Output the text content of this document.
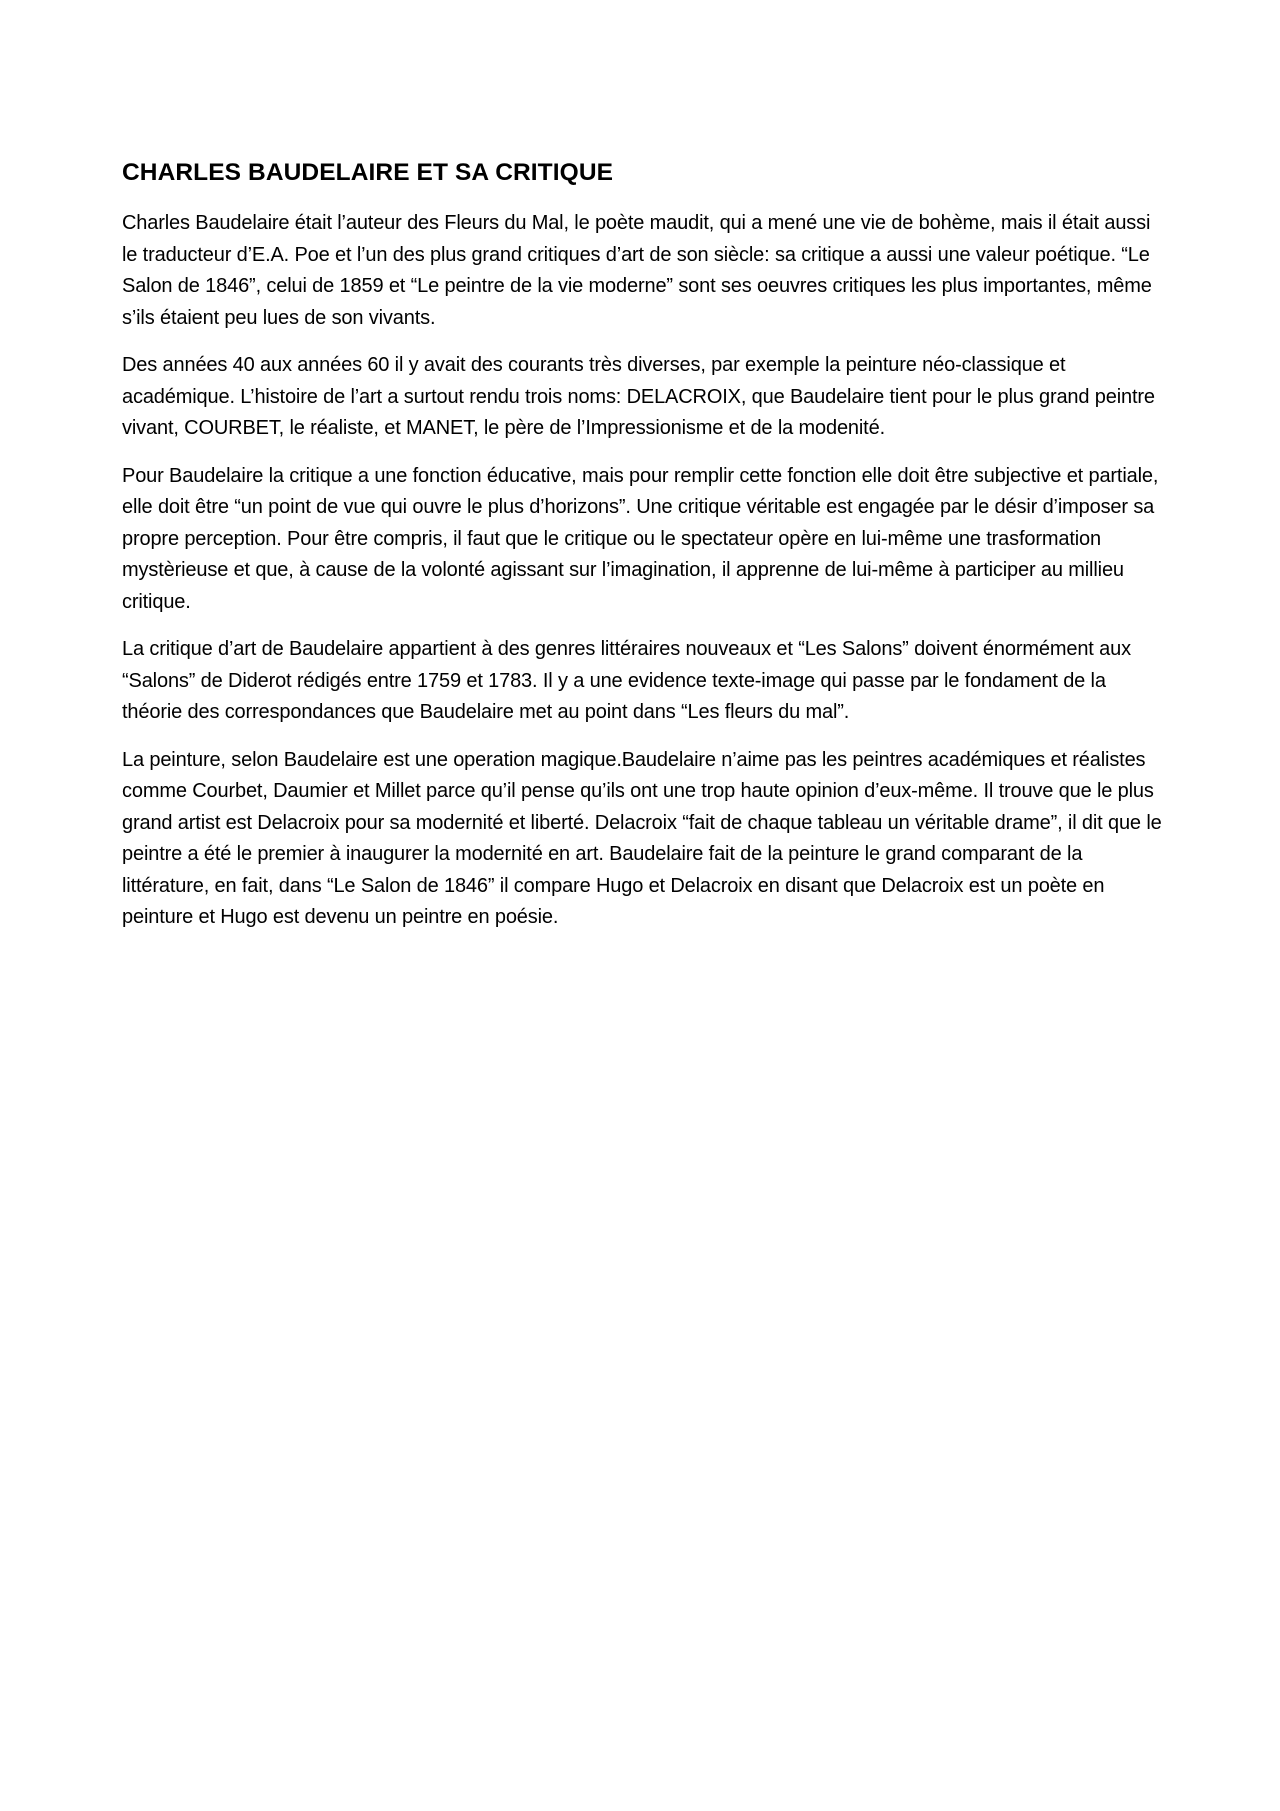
CHARLES BAUDELAIRE ET SA CRITIQUE

Charles Baudelaire était l’auteur des Fleurs du Mal, le poète maudit, qui a mené une vie de bohème, mais il était aussi le traducteur d’E.A. Poe et l’un des plus grand critiques d’art de son siècle: sa critique a aussi une valeur poétique. “Le Salon de 1846”, celui de 1859 et “Le peintre de la vie moderne” sont ses oeuvres critiques les plus importantes, même s’ils étaient peu lues de son vivants.

Des années 40 aux années 60 il y avait des courants très diverses, par exemple la peinture néo-classique et académique. L’histoire de l’art a surtout rendu trois noms: DELACROIX, que Baudelaire tient pour le plus grand peintre vivant, COURBET, le réaliste, et MANET, le père de l’Impressionisme et de la modenité.

Pour Baudelaire la critique a une fonction éducative, mais pour remplir cette fonction elle doit être subjective et partiale, elle doit être “un point de vue qui ouvre le plus d’horizons”. Une critique véritable est engagée par le désir d’imposer sa propre perception. Pour être compris, il faut que le critique ou le spectateur opère en lui-même une trasformation mystèrieuse et que, à cause de la volonté agissant sur l’imagination, il apprenne de lui-même à participer au millieu critique.

La critique d’art de Baudelaire appartient à des genres littéraires nouveaux et “Les Salons” doivent énormément aux “Salons” de Diderot rédigés entre 1759 et 1783. Il y a une evidence texte-image qui passe par le fondament de la théorie des correspondances que Baudelaire met au point dans “Les fleurs du mal”.

La peinture, selon Baudelaire est une operation magique.Baudelaire n’aime pas les peintres académiques et réalistes comme Courbet, Daumier et Millet parce qu’il pense qu’ils ont une trop haute opinion d’eux-même. Il trouve que le plus grand artist est Delacroix pour sa modernité et liberté. Delacroix “fait de chaque tableau un véritable drame”, il dit que le peintre a été le premier à inaugurer la modernité en art. Baudelaire fait de la peinture le grand comparant de la littérature, en fait, dans “Le Salon de 1846” il compare Hugo et Delacroix en disant que Delacroix est un poète en peinture et Hugo est devenu un peintre en poésie.
